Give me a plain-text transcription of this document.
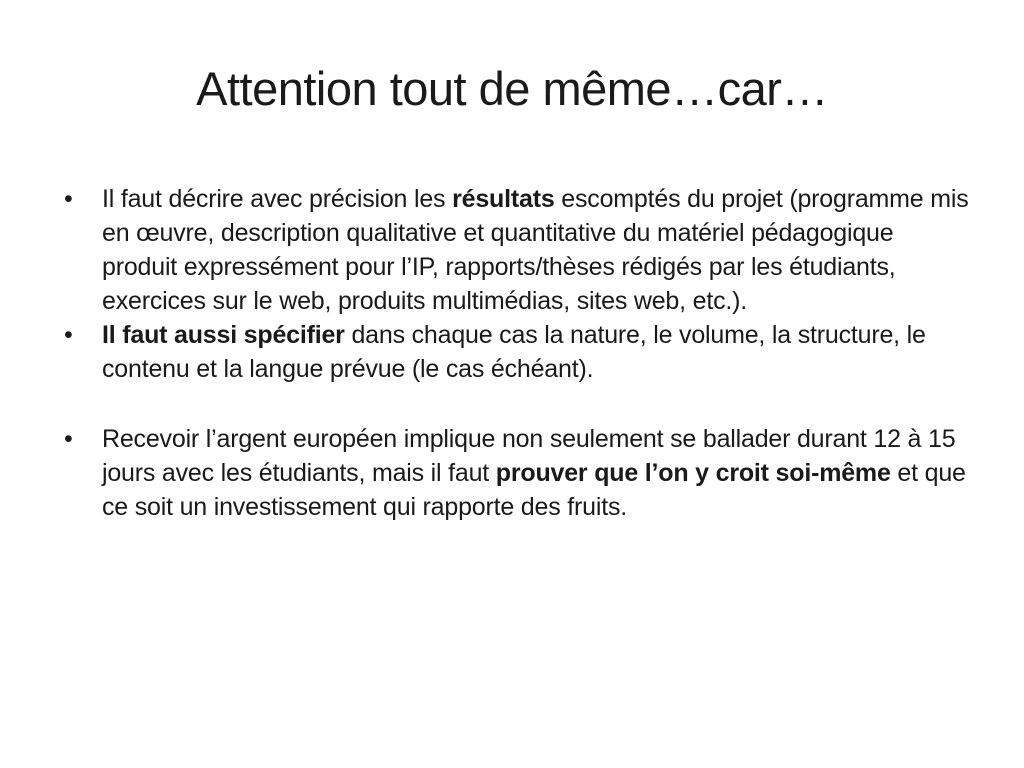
Attention tout de même…car…
• Il faut décrire avec précision les résultats escomptés du projet (programme mis en œuvre, description qualitative et quantitative du matériel pédagogique produit expressément pour l’IP, rapports/thèses rédigés par les étudiants, exercices sur le web, produits multimédias, sites web, etc.).
• Il faut aussi spécifier dans chaque cas la nature, le volume, la structure, le contenu et la langue prévue (le cas échéant).
• Recevoir l’argent européen implique non seulement se ballader durant 12 à 15 jours avec les étudiants, mais il faut prouver que l’on y croit soi-même et que ce soit un investissement qui rapporte des fruits.
